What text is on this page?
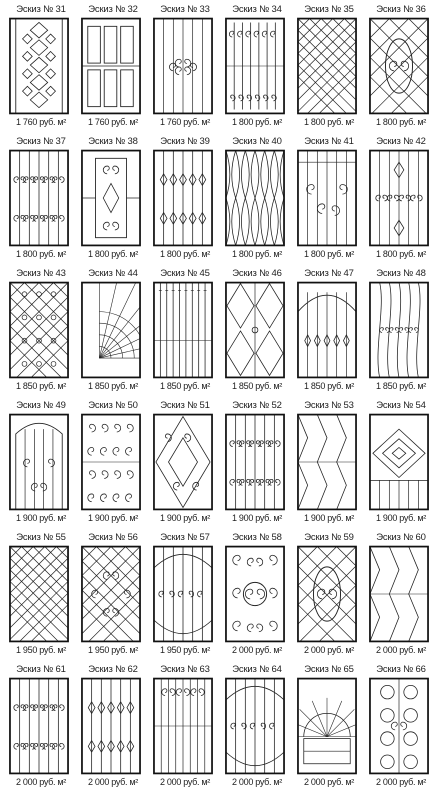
Эскиз № 31
1 760 руб. м²
Эскиз № 32
1 760 руб. м²
Эскиз № 33
1 760 руб. м²
Эскиз № 34
1 800 руб. м²
Эскиз № 35
1 800 руб. м²
Эскиз № 36
1 800 руб. м²
Эскиз № 37
1 800 руб. м²
Эскиз № 38
1 800 руб. м²
Эскиз № 39
1 800 руб. м²
Эскиз № 40
1 800 руб. м²
Эскиз № 41
1 800 руб. м²
Эскиз № 42
1 800 руб. м²
Эскиз № 43
1 850 руб. м²
Эскиз № 44
1 850 руб. м²
Эскиз № 45
1 850 руб. м²
Эскиз № 46
1 850 руб. м²
Эскиз № 47
1 850 руб. м²
Эскиз № 48
1 850 руб. м²
Эскиз № 49
1 900 руб. м²
Эскиз № 50
1 900 руб. м²
Эскиз № 51
1 900 руб. м²
Эскиз № 52
1 900 руб. м²
Эскиз № 53
1 900 руб. м²
Эскиз № 54
1 900 руб. м²
Эскиз № 55
1 950 руб. м²
Эскиз № 56
1 950 руб. м²
Эскиз № 57
1 950 руб. м²
Эскиз № 58
2 000 руб. м²
Эскиз № 59
2 000 руб. м²
Эскиз № 60
2 000 руб. м²
Эскиз № 61
2 000 руб. м²
Эскиз № 62
2 000 руб. м²
Эскиз № 63
2 000 руб. м²
Эскиз № 64
2 000 руб. м²
Эскиз № 65
2 000 руб. м²
Эскиз № 66
2 000 руб. м²
